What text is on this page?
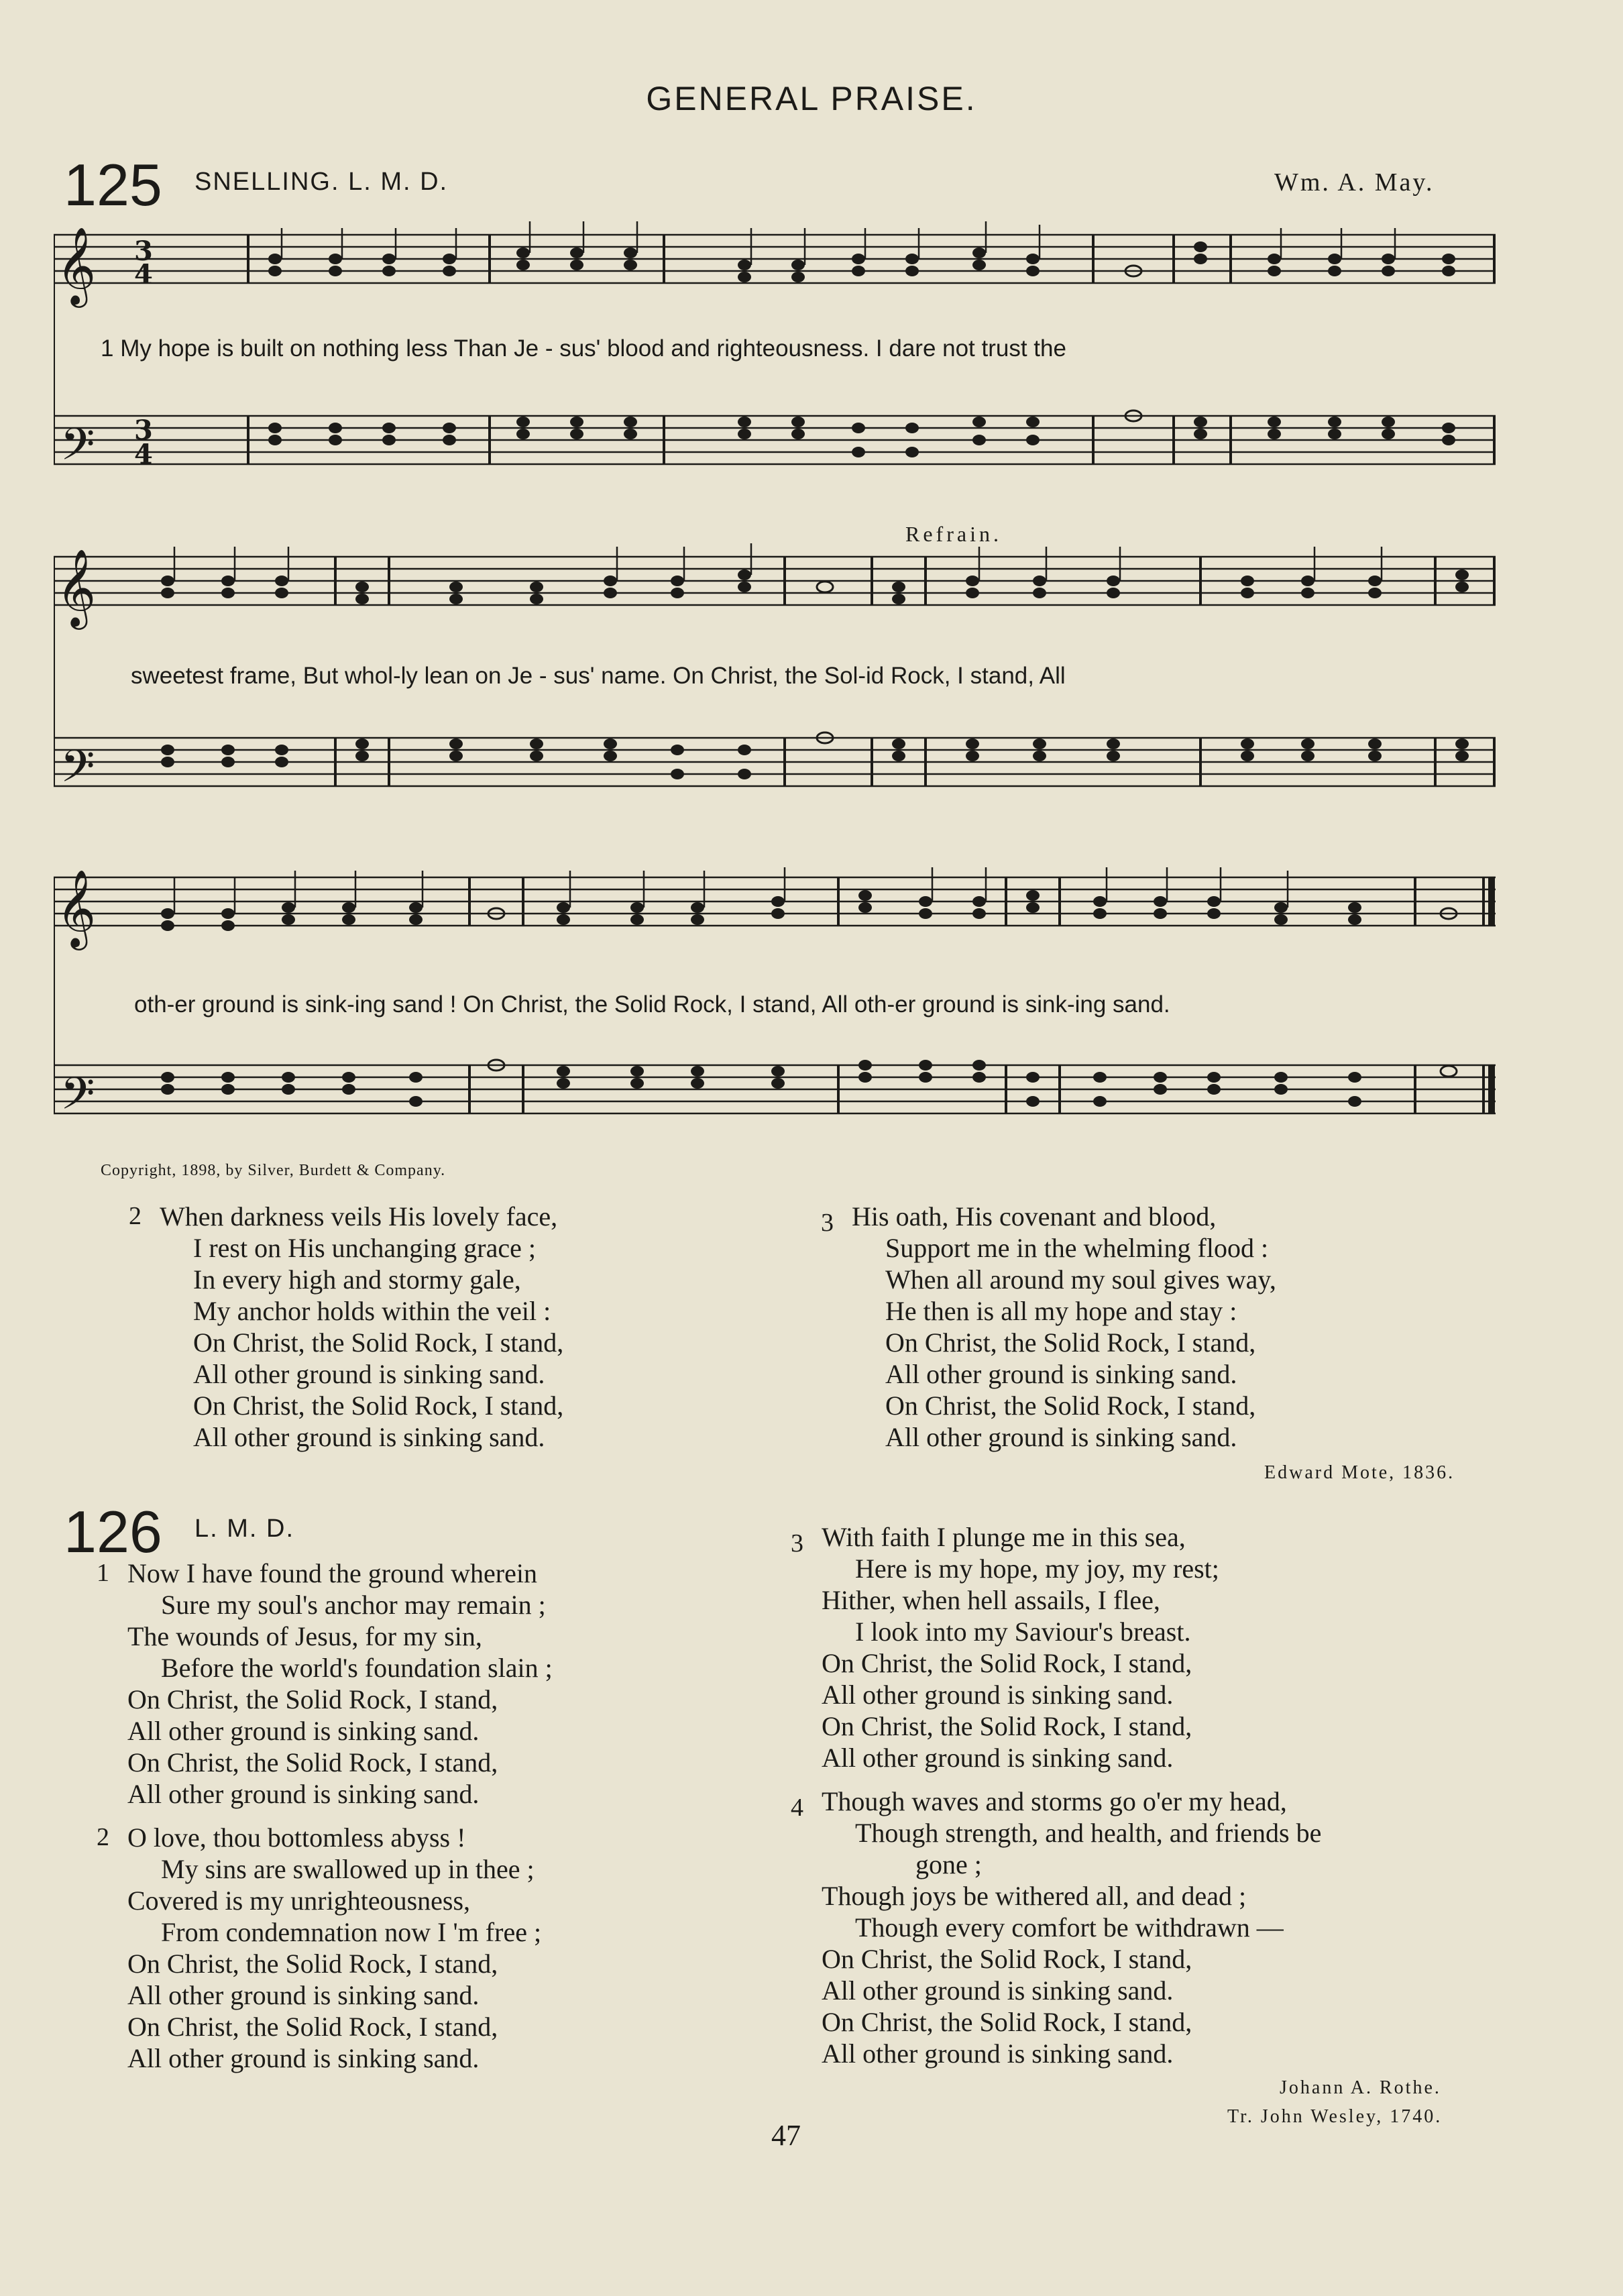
GENERAL PRAISE.
125 SNELLING. L. M. D.	Wm. A. May.
𝄞
𝄢
3
4
3
4
1 My hope is built on nothing less Than Je - sus' blood and righteousness. I dare not trust the
Refrain.
𝄞
𝄢
sweetest frame, But whol-ly lean on Je - sus' name. On Christ, the Sol-id Rock, I stand, All
𝄞
𝄢
oth-er ground is sink-ing sand ! On Christ, the Solid Rock, I stand, All oth-er ground is sink-ing sand.
Copyright, 1898, by Silver, Burdett & Company.
2 When darkness veils His lovely face,
I rest on His unchanging grace ;
In every high and stormy gale,
My anchor holds within the veil :
On Christ, the Solid Rock, I stand,
All other ground is sinking sand.
On Christ, the Solid Rock, I stand,
All other ground is sinking sand.
3 His oath, His covenant and blood,
Support me in the whelming flood :
When all around my soul gives way,
He then is all my hope and stay :
On Christ, the Solid Rock, I stand,
All other ground is sinking sand.
On Christ, the Solid Rock, I stand,
All other ground is sinking sand.
Edward Mote, 1836.
126 L. M. D.
1 Now I have found the ground wherein
Sure my soul's anchor may remain ;
The wounds of Jesus, for my sin,
Before the world's foundation slain ;
On Christ, the Solid Rock, I stand,
All other ground is sinking sand.
On Christ, the Solid Rock, I stand,
All other ground is sinking sand.
2 O love, thou bottomless abyss !
My sins are swallowed up in thee ;
Covered is my unrighteousness,
From condemnation now I 'm free ;
On Christ, the Solid Rock, I stand,
All other ground is sinking sand.
On Christ, the Solid Rock, I stand,
All other ground is sinking sand.
3 With faith I plunge me in this sea,
Here is my hope, my joy, my rest;
Hither, when hell assails, I flee,
I look into my Saviour's breast.
On Christ, the Solid Rock, I stand,
All other ground is sinking sand.
On Christ, the Solid Rock, I stand,
All other ground is sinking sand.
4 Though waves and storms go o'er my head,
Though strength, and health, and friends be
gone ;
Though joys be withered all, and dead ;
Though every comfort be withdrawn —
On Christ, the Solid Rock, I stand,
All other ground is sinking sand.
On Christ, the Solid Rock, I stand,
All other ground is sinking sand.
Johann A. Rothe.
Tr. John Wesley, 1740.
47
